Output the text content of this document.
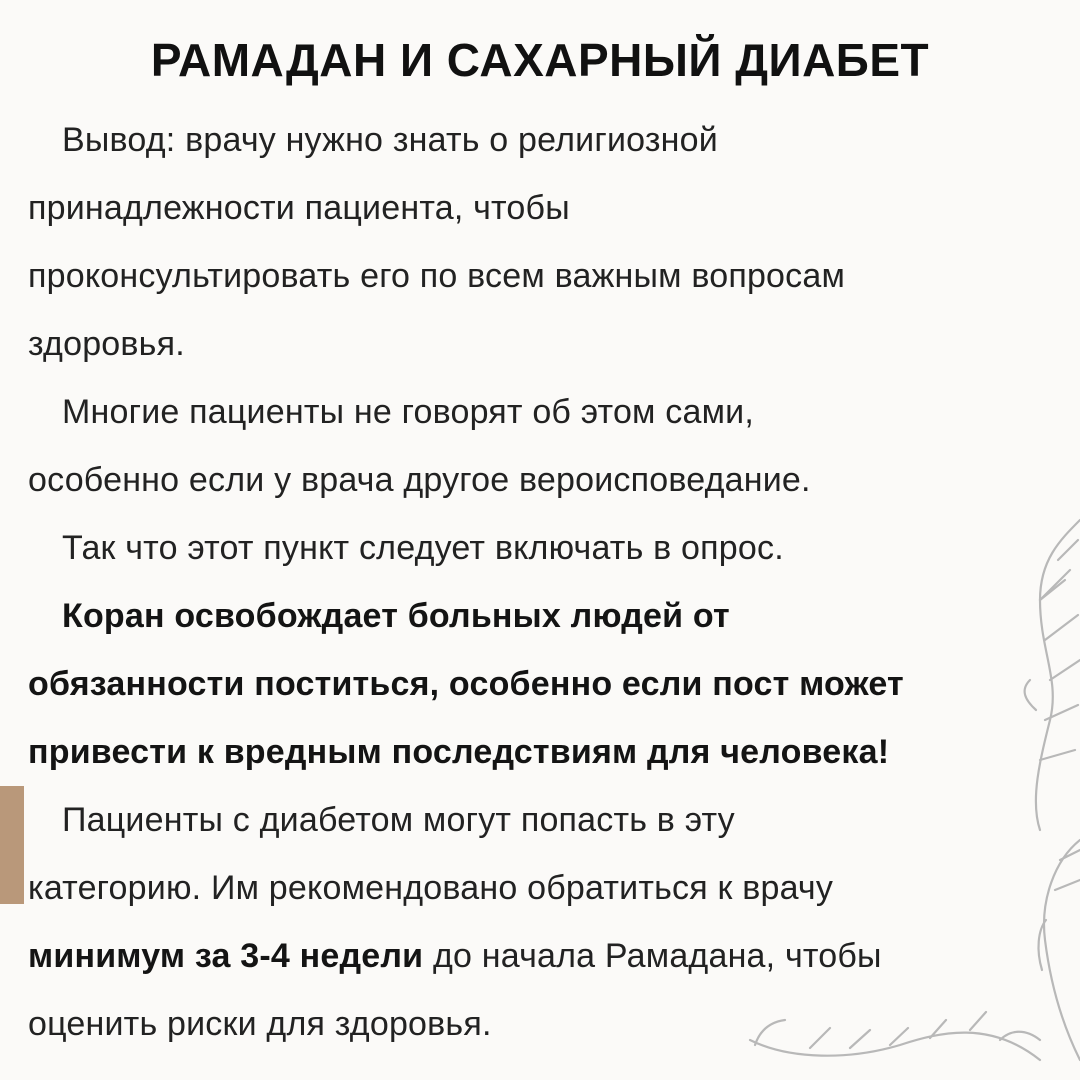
РАМАДАН И САХАРНЫЙ ДИАБЕТ
Вывод: врачу нужно знать о религиозной
принадлежности пациента, чтобы
проконсультировать его по всем важным вопросам
здоровья.
Многие пациенты не говорят об этом сами,
особенно если у врача другое вероисповедание.
Так что этот пункт следует включать в опрос.
Коран освобождает больных людей от
обязанности поститься, особенно если пост может
привести к вредным последствиям для человека!
Пациенты с диабетом могут попасть в эту
категорию. Им рекомендовано обратиться к врачу
минимум за 3-4 недели до начала Рамадана, чтобы
оценить риски для здоровья.
